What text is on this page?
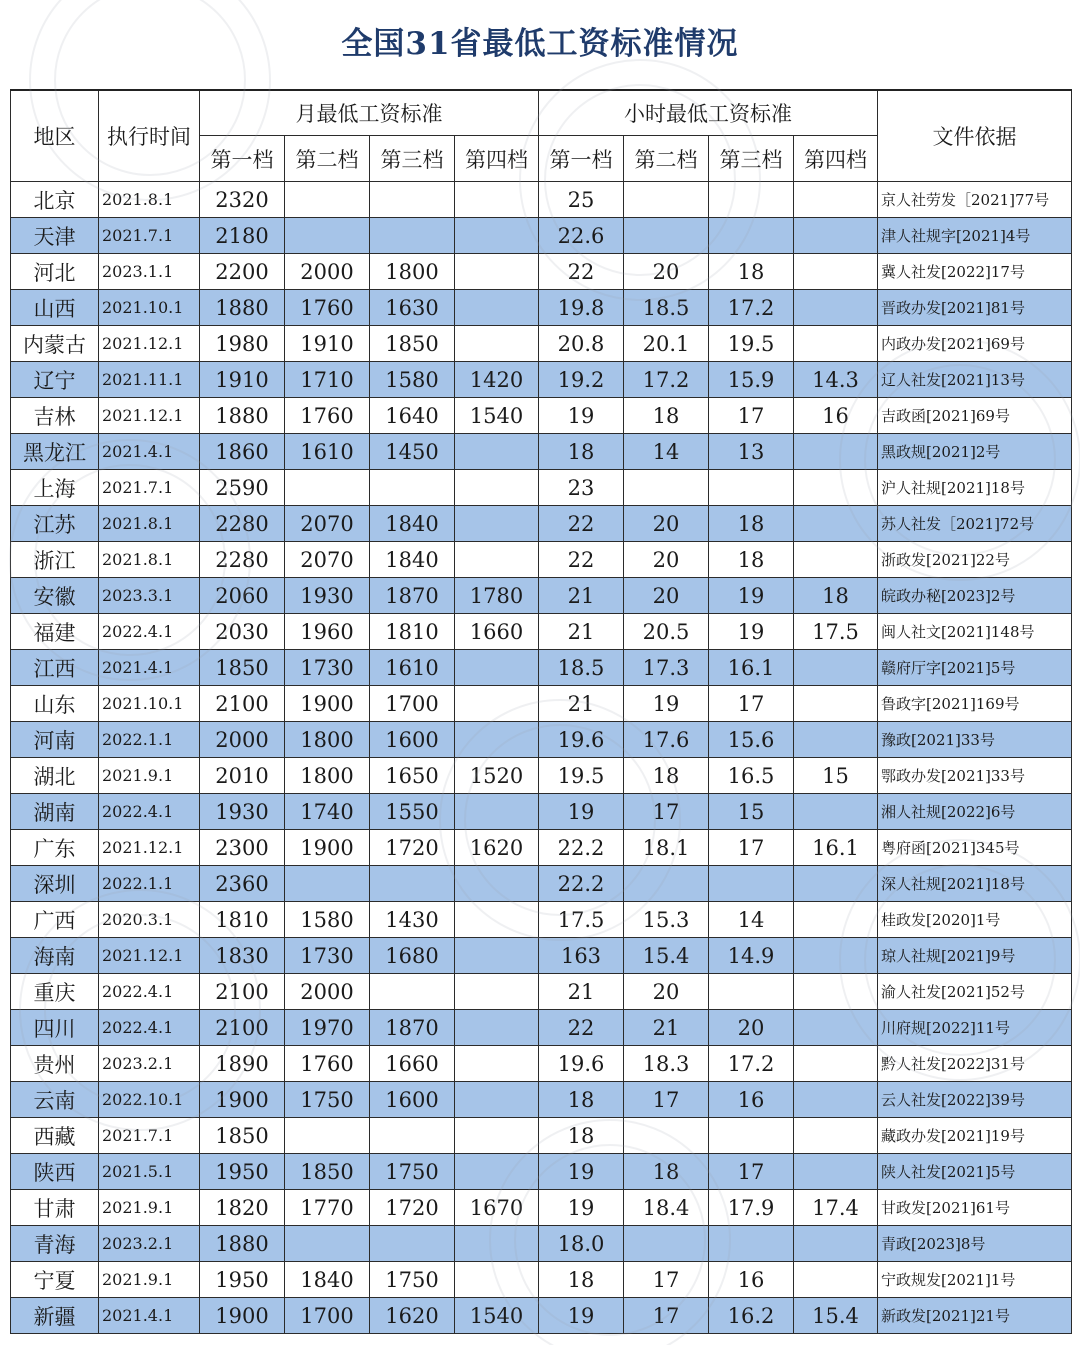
全国31省最低工资标准情况
地区	执行时间	月最低工资标准				小时最低工资标准				文件依据
		第一档	第二档	第三档	第四档	第一档	第二档	第三档	第四档	
北京	2021.8.1	2320				25				京人社劳发［2021]77号
天津	2021.7.1	2180				22.6				津人社规字[2021]4号
河北	2023.1.1	2200	2000	1800		22	20	18		冀人社发[2022]17号
山西	2021.10.1	1880	1760	1630		19.8	18.5	17.2		晋政办发[2021]81号
内蒙古	2021.12.1	1980	1910	1850		20.8	20.1	19.5		内政办发[2021]69号
辽宁	2021.11.1	1910	1710	1580	1420	19.2	17.2	15.9	14.3	辽人社发[2021]13号
吉林	2021.12.1	1880	1760	1640	1540	19	18	17	16	吉政函[2021]69号
黑龙江	2021.4.1	1860	1610	1450		18	14	13		黑政规[2021]2号
上海	2021.7.1	2590				23				沪人社规[2021]18号
江苏	2021.8.1	2280	2070	1840		22	20	18		苏人社发［2021]72号
浙江	2021.8.1	2280	2070	1840		22	20	18		浙政发[2021]22号
安徽	2023.3.1	2060	1930	1870	1780	21	20	19	18	皖政办秘[2023]2号
福建	2022.4.1	2030	1960	1810	1660	21	20.5	19	17.5	闽人社文[2021]148号
江西	2021.4.1	1850	1730	1610		18.5	17.3	16.1		赣府厅字[2021]5号
山东	2021.10.1	2100	1900	1700		21	19	17		鲁政字[2021]169号
河南	2022.1.1	2000	1800	1600		19.6	17.6	15.6		豫政[2021]33号
湖北	2021.9.1	2010	1800	1650	1520	19.5	18	16.5	15	鄂政办发[2021]33号
湖南	2022.4.1	1930	1740	1550		19	17	15		湘人社规[2022]6号
广东	2021.12.1	2300	1900	1720	1620	22.2	18.1	17	16.1	粤府函[2021]345号
深圳	2022.1.1	2360				22.2				深人社规[2021]18号
广西	2020.3.1	1810	1580	1430		17.5	15.3	14		桂政发[2020]1号
海南	2021.12.1	1830	1730	1680		163	15.4	14.9		琼人社规[2021]9号
重庆	2022.4.1	2100	2000			21	20			渝人社发[2021]52号
四川	2022.4.1	2100	1970	1870		22	21	20		川府规[2022]11号
贵州	2023.2.1	1890	1760	1660		19.6	18.3	17.2		黔人社发[2022]31号
云南	2022.10.1	1900	1750	1600		18	17	16		云人社发[2022]39号
西藏	2021.7.1	1850				18				藏政办发[2021]19号
陕西	2021.5.1	1950	1850	1750		19	18	17		陕人社发[2021]5号
甘肃	2021.9.1	1820	1770	1720	1670	19	18.4	17.9	17.4	甘政发[2021]61号
青海	2023.2.1	1880				18.0				青政[2023]8号
宁夏	2021.9.1	1950	1840	1750		18	17	16		宁政规发[2021]1号
新疆	2021.4.1	1900	1700	1620	1540	19	17	16.2	15.4	新政发[2021]21号
